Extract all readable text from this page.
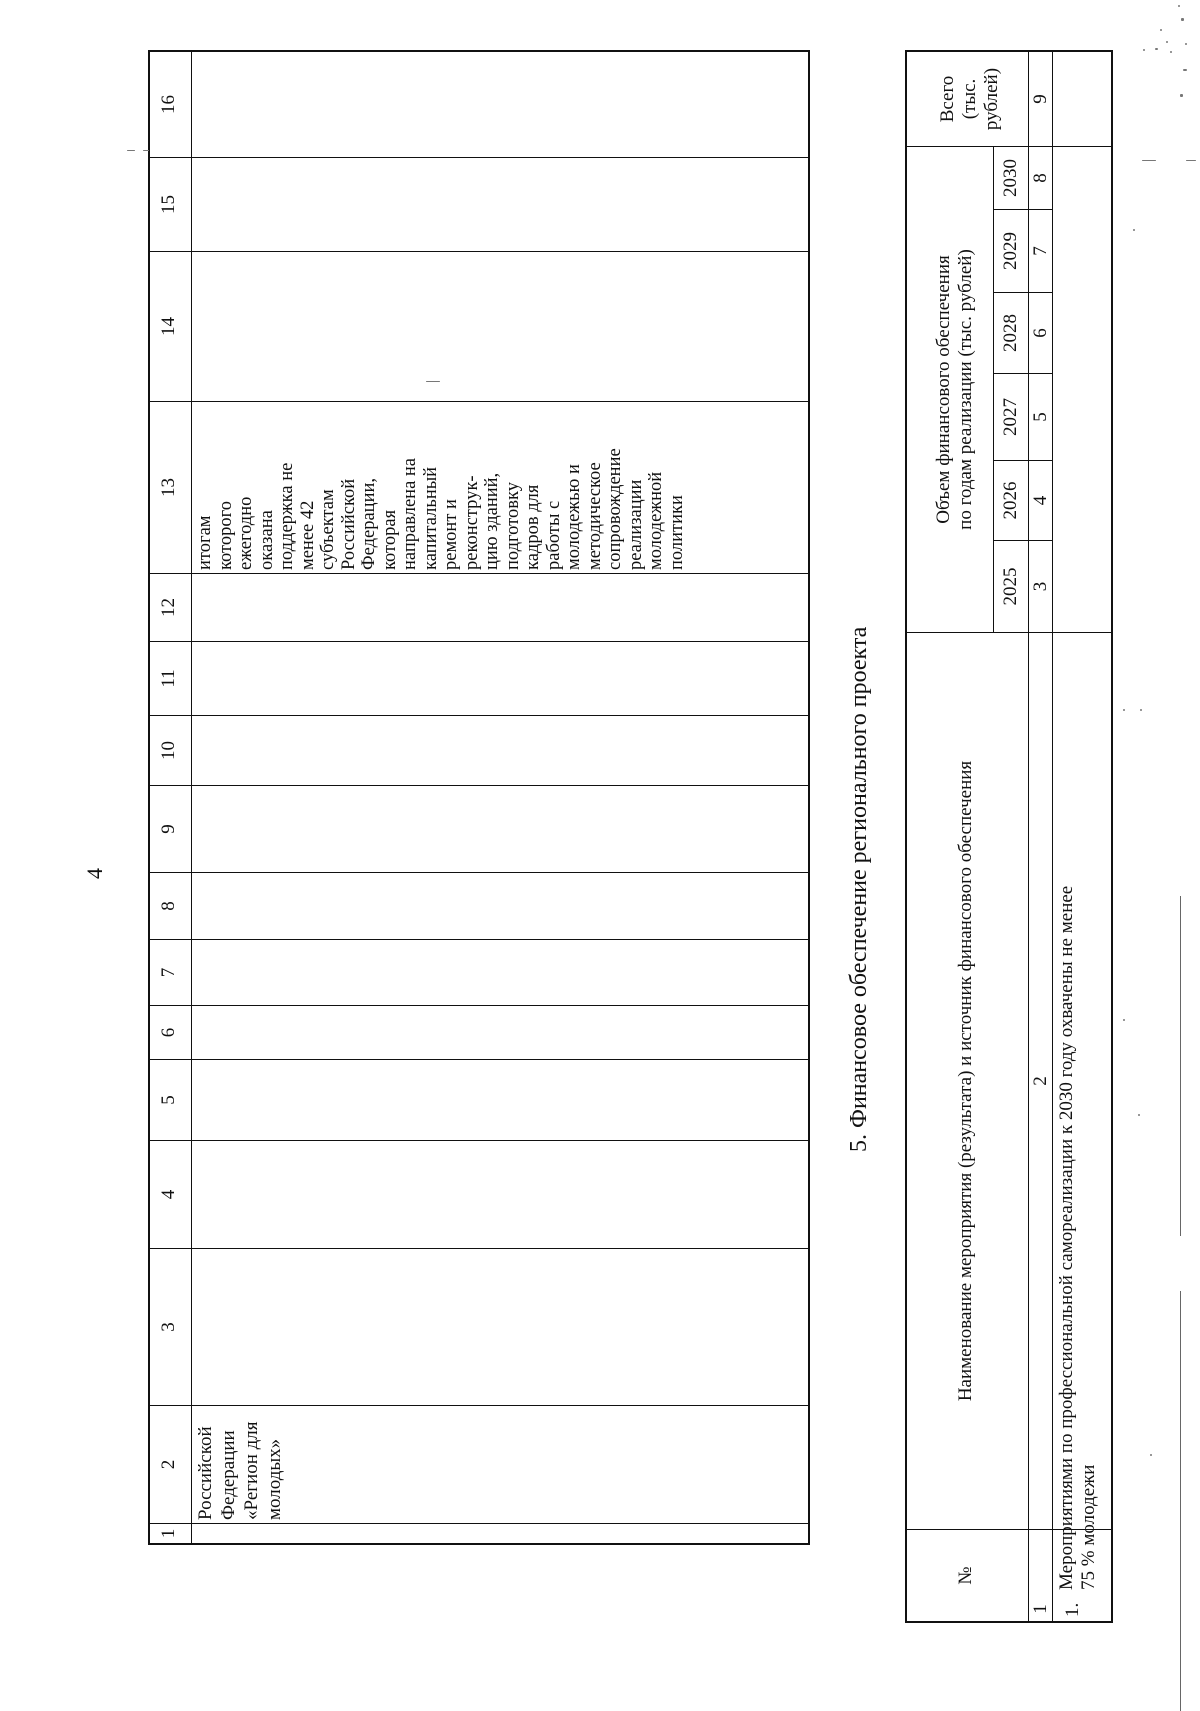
4
1
2
3
4
5
6
7
8
9
10
11
12
13
14
15
16
Российской Федерации «Регион для молодых»
итогам которого ежегодно оказана поддержка не менее 42 субъектам Российской Федерации, которая направлена на капитальный ремонт и реконструк- цию зданий, подготовку кадров для работы с молодежью и методическое сопровождение реализации молодежной политики
5. Финансовое обеспечение регионального проекта
№
Наименование мероприятия (результата) и источник финансового обеспечения
Объем финансового обеспечения по годам реализации (тыс. рублей)
2025
2026
2027
2028
2029
2030
Всего (тыс. рублей)
1
2
3
4
5
6
7
8
9
1.
Мероприятиями по профессиональной самореализации к 2030 году охвачены не менее 75 % молодежи
